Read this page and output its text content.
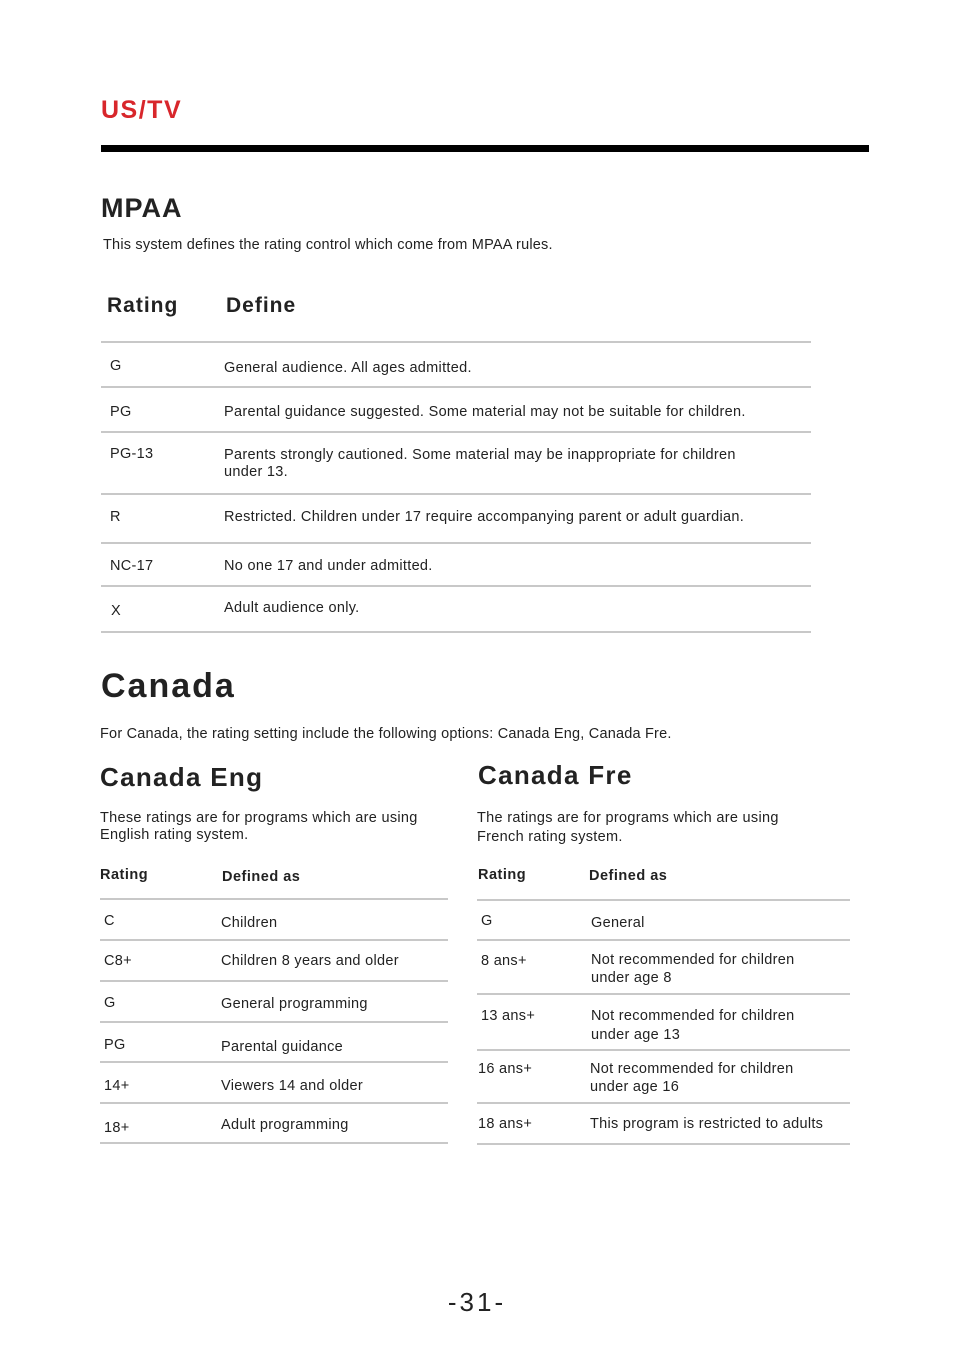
US/TV
MPAA
This system defines the rating control which come from MPAA rules.
Rating Define
G	General audience. All ages admitted.
PG	Parental guidance suggested. Some material may not be suitable for children.
PG-13	Parents strongly cautioned. Some material may be inappropriate for children
under 13.
R	Restricted. Children under 17 require accompanying parent or adult guardian.
NC-17	No one 17 and under admitted.
X	Adult audience only.
Canada
For Canada, the rating setting include the following options: Canada Eng, Canada Fre.
Canada Eng
These ratings are for programs which are using
English rating system.
Rating	Defined as
C	Children
C8+	Children 8 years and older
G	General programming
PG	Parental guidance
14+	Viewers 14 and older
18+	Adult programming
Canada Fre
The ratings are for programs which are using
French rating system.
Rating	Defined as
G	General
8 ans+	Not recommended for children
under age 8
13 ans+	Not recommended for children
under age 13
16 ans+	Not recommended for children
under age 16
18 ans+	This program is restricted to adults
-31-
